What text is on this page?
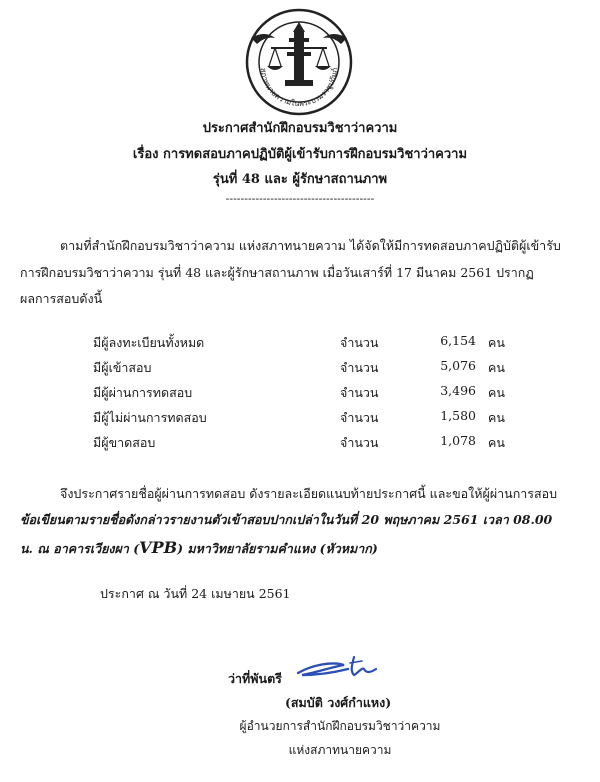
สภาทนายความในพระบรมราชูปถัมภ์
ประกาศสำนักฝึกอบรมวิชาว่าความ
เรื่อง การทดสอบภาคปฏิบัติผู้เข้ารับการฝึกอบรมวิชาว่าความ
รุ่นที่ 48 และ ผู้รักษาสถานภาพ
----------------------------------------
ตามที่สำนักฝึกอบรมวิชาว่าความ แห่งสภาทนายความ ได้จัดให้มีการทดสอบภาคปฏิบัติผู้เข้ารับ
การฝึกอบรมวิชาว่าความ รุ่นที่ 48 และผู้รักษาสถานภาพ เมื่อวันเสาร์ที่ 17 มีนาคม 2561 ปรากฏ
ผลการสอบดังนี้
มีผู้ลงทะเบียนทั้งหมด	จำนวน	6,154 คน
มีผู้เข้าสอบ	จำนวน	5,076 คน
มีผู้ผ่านการทดสอบ	จำนวน	3,496 คน
มีผู้ไม่ผ่านการทดสอบ	จำนวน	1,580 คน
มีผู้ขาดสอบ	จำนวน	1,078 คน
จึงประกาศรายชื่อผู้ผ่านการทดสอบ ดังรายละเอียดแนบท้ายประกาศนี้ และขอให้ผู้ผ่านการสอบ
ข้อเขียนตามรายชื่อดังกล่าวรายงานตัวเข้าสอบปากเปล่าในวันที่ 20 พฤษภาคม 2561 เวลา 08.00
น. ณ อาคารเวียงผา (VPB) มหาวิทยาลัยรามคำแหง (หัวหมาก)
ประกาศ ณ วันที่ 24 เมษายน 2561
ว่าที่พันตรี
(สมบัติ วงศ์กำแหง)
ผู้อำนวยการสำนักฝึกอบรมวิชาว่าความ
แห่งสภาทนายความ
